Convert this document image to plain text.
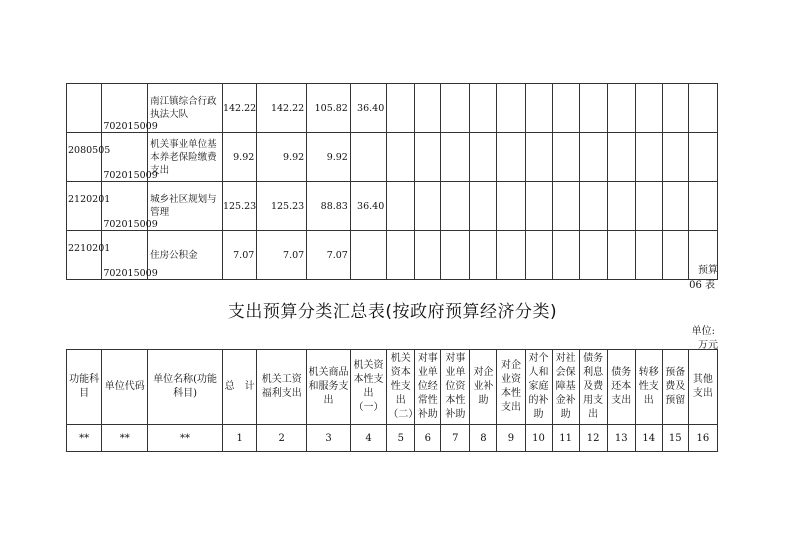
	702015009	南江镇综合行政执法大队	142.22	142.22	105.82	36.40												
2080505	702015009	机关事业单位基本养老保险缴费支出	9.92	9.92	9.92													
2120201	702015009	城乡社区规划与管理	125.23	125.23	88.83	36.40												
2210201	702015009	住房公积金	7.07	7.07	7.07													
预算
06 表
支出预算分类汇总表(按政府预算经济分类)
单位:
万元
功能科目	单位代码	单位名称(功能科目)	总　计	机关工资福利支出	机关商品和服务支出	机关资本性支出（一）	机关资本性支出（二）	对事业单位经常性补助	对事业单位资本性补助	对企业补助	对企业资本性支出	对个人和家庭的补助	对社会保障基金补助	债务利息及费用支出	债务还本支出	转移性支出	预备费及预留	其他支出
**	**	**	1	2	3	4	5	6	7	8	9	10	11	12	13	14	15	16
